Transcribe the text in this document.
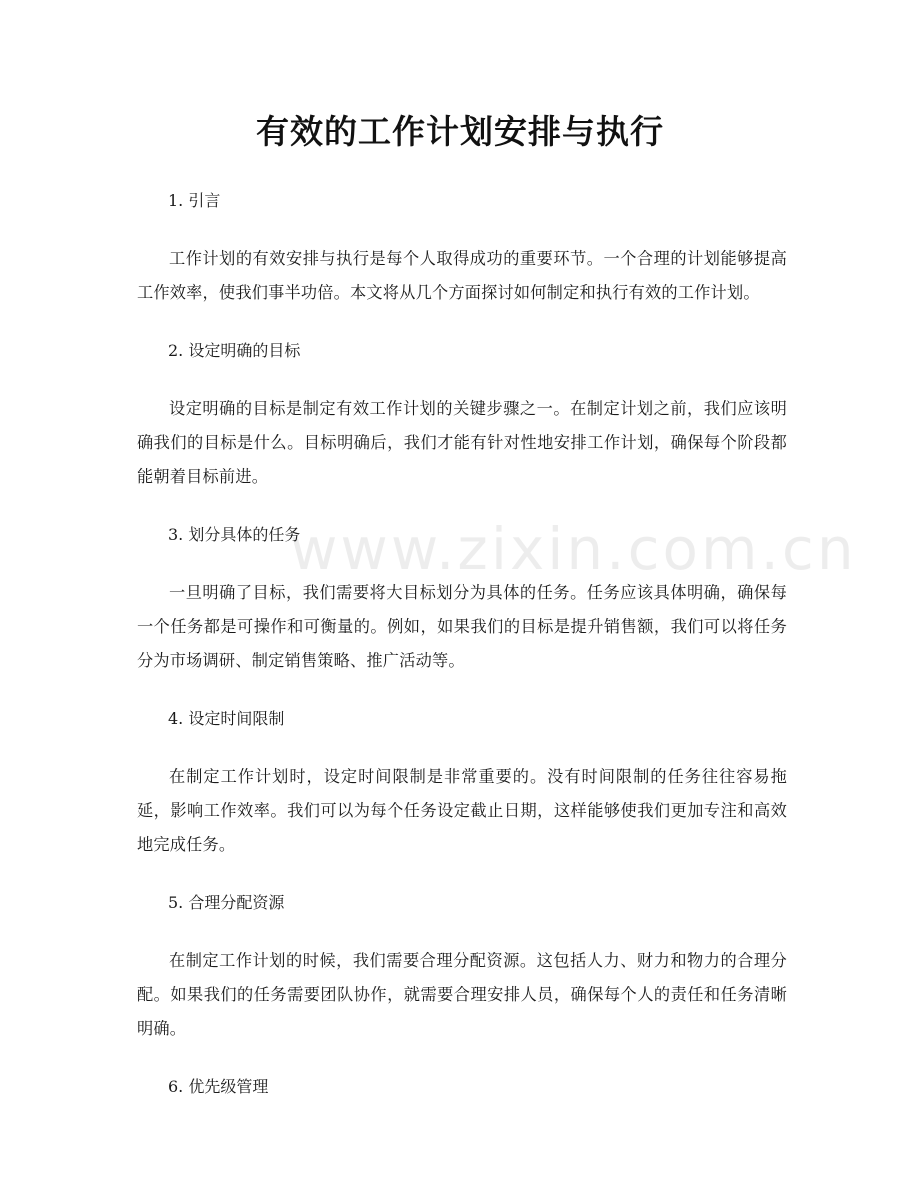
有效的工作计划安排与执行
www.zixin.com.cn

1. 引言

工作计划的有效安排与执行是每个人取得成功的重要环节。一个合理的计划能够提高工作效率，使我们事半功倍。本文将从几个方面探讨如何制定和执行有效的工作计划。

2. 设定明确的目标

设定明确的目标是制定有效工作计划的关键步骤之一。在制定计划之前，我们应该明确我们的目标是什么。目标明确后，我们才能有针对性地安排工作计划，确保每个阶段都能朝着目标前进。

3. 划分具体的任务

一旦明确了目标，我们需要将大目标划分为具体的任务。任务应该具体明确，确保每一个任务都是可操作和可衡量的。例如，如果我们的目标是提升销售额，我们可以将任务分为市场调研、制定销售策略、推广活动等。

4. 设定时间限制

在制定工作计划时，设定时间限制是非常重要的。没有时间限制的任务往往容易拖延，影响工作效率。我们可以为每个任务设定截止日期，这样能够使我们更加专注和高效地完成任务。

5. 合理分配资源

在制定工作计划的时候，我们需要合理分配资源。这包括人力、财力和物力的合理分配。如果我们的任务需要团队协作，就需要合理安排人员，确保每个人的责任和任务清晰明确。

6. 优先级管理
